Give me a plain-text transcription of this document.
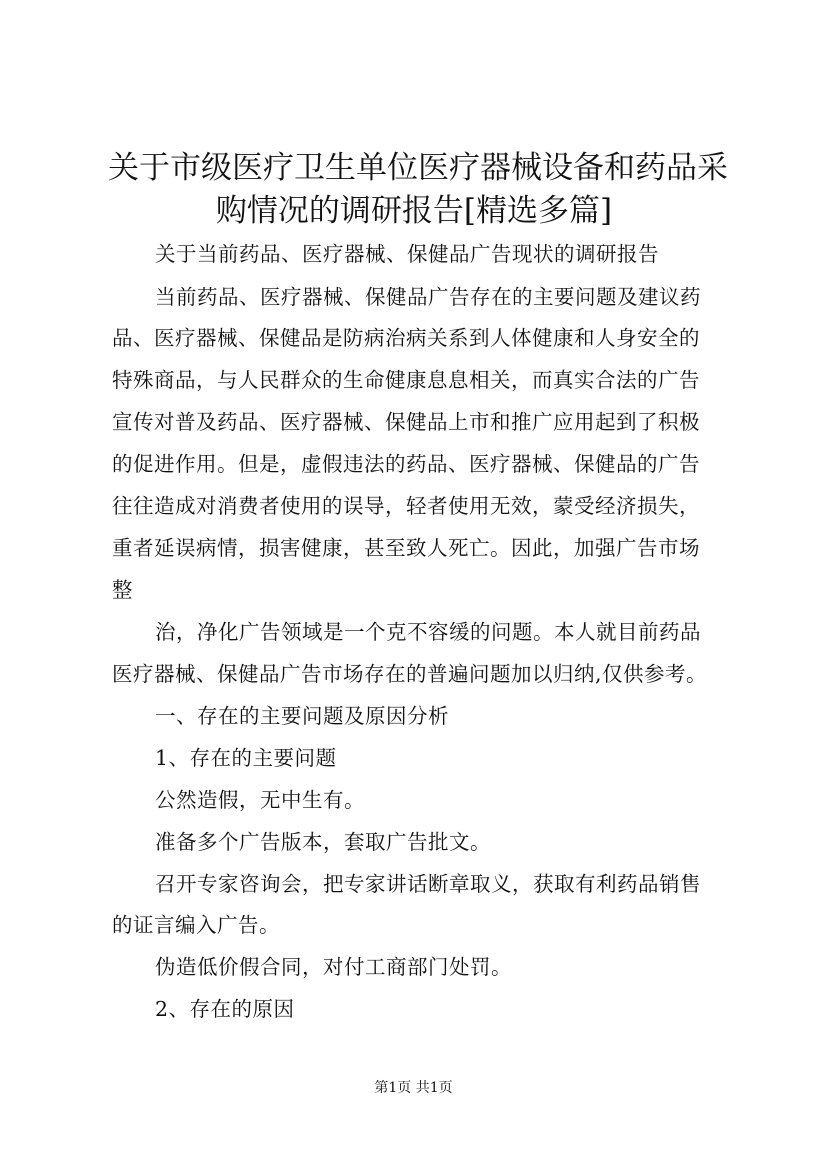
关于市级医疗卫生单位医疗器械设备和药品采
购情况的调研报告[精选多篇]
关于当前药品、医疗器械、保健品广告现状的调研报告
当前药品、医疗器械、保健品广告存在的主要问题及建议药
品、医疗器械、保健品是防病治病关系到人体健康和人身安全的
特殊商品，与人民群众的生命健康息息相关，而真实合法的广告
宣传对普及药品、医疗器械、保健品上市和推广应用起到了积极
的促进作用。但是，虚假违法的药品、医疗器械、保健品的广告
往往造成对消费者使用的误导，轻者使用无效，蒙受经济损失，
重者延误病情，损害健康，甚至致人死亡。因此，加强广告市场
整
治，净化广告领域是一个克不容缓的问题。本人就目前药品
医疗器械、保健品广告市场存在的普遍问题加以归纳,仅供参考。
一、存在的主要问题及原因分析
1、存在的主要问题
公然造假，无中生有。
准备多个广告版本，套取广告批文。
召开专家咨询会，把专家讲话断章取义，获取有利药品销售
的证言编入广告。
伪造低价假合同，对付工商部门处罚。
2、存在的原因
第1页 共1页
